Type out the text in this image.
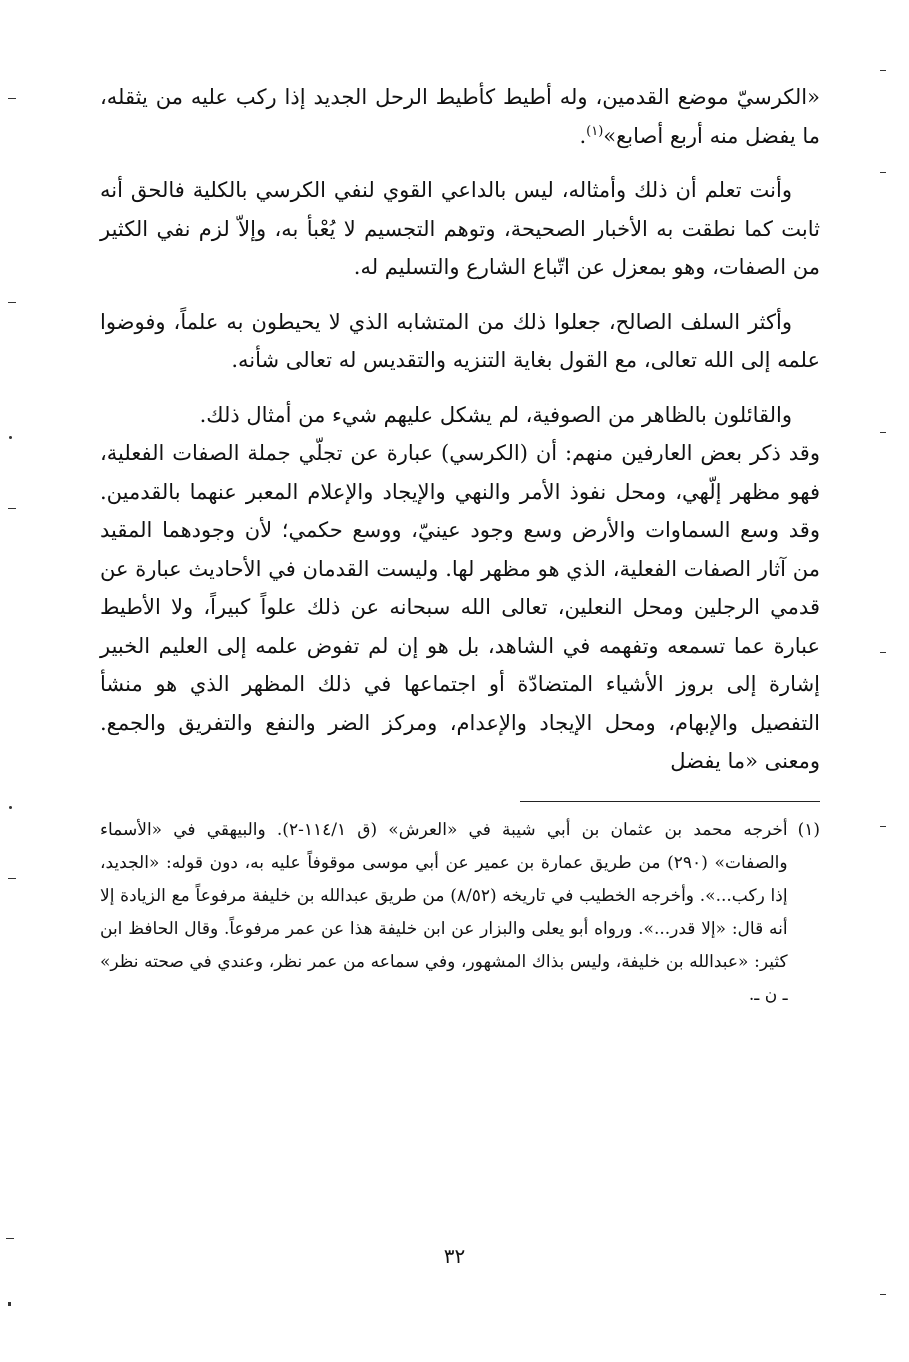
«الكرسيّ موضع القدمين، وله أطيط كأطيط الرحل الجديد إذا ركب عليه من يثقله، ما يفضل منه أربع أصابع»$^{(١)}$.

وأنت تعلم أن ذلك وأمثاله، ليس بالداعي القوي لنفي الكرسي بالكلية فالحق أنه ثابت كما نطقت به الأخبار الصحيحة، وتوهم التجسيم لا يُعْبأ به، وإلاّ لزم نفي الكثير من الصفات، وهو بمعزل عن اتّباع الشارع والتسليم له.

وأكثر السلف الصالح، جعلوا ذلك من المتشابه الذي لا يحيطون به علماً، وفوضوا علمه إلى الله تعالى، مع القول بغاية التنزيه والتقديس له تعالى شأنه.

والقائلون بالظاهر من الصوفية، لم يشكل عليهم شيء من أمثال ذلك.

وقد ذكر بعض العارفين منهم: أن (الكرسي) عبارة عن تجلّي جملة الصفات الفعلية، فهو مظهر إلّهي، ومحل نفوذ الأمر والنهي والإيجاد والإعلام المعبر عنهما بالقدمين. وقد وسع السماوات والأرض وسع وجود عينيّ، ووسع حكمي؛ لأن وجودهما المقيد من آثار الصفات الفعلية، الذي هو مظهر لها. وليست القدمان في الأحاديث عبارة عن قدمي الرجلين ومحل النعلين، تعالى الله سبحانه عن ذلك علواً كبيراً، ولا الأطيط عبارة عما تسمعه وتفهمه في الشاهد، بل هو إن لم تفوض علمه إلى العليم الخبير إشارة إلى بروز الأشياء المتضادّة أو اجتماعها في ذلك المظهر الذي هو منشأ التفصيل والإبهام، ومحل الإيجاد والإعدام، ومركز الضر والنفع والتفريق والجمع. ومعنى «ما يفضل

(١)
أخرجه محمد بن عثمان بن أبي شيبة في «العرش» (ق ١١٤/١-٢). والبيهقي في «الأسماء والصفات» (٢٩٠) من طريق عمارة بن عمير عن أبي موسى موقوفاً عليه به، دون قوله: «الجديد، إذا ركب...». وأخرجه الخطيب في تاريخه (٨/٥٢) من طريق عبدالله بن خليفة مرفوعاً مع الزيادة إلا أنه قال: «إلا قدر...». ورواه أبو يعلى والبزار عن ابن خليفة هذا عن عمر مرفوعاً. وقال الحافظ ابن كثير: «عبدالله بن خليفة، وليس بذاك المشهور، وفي سماعه من عمر نظر، وعندي في صحته نظر» ـ ن ـ.
٣٢
